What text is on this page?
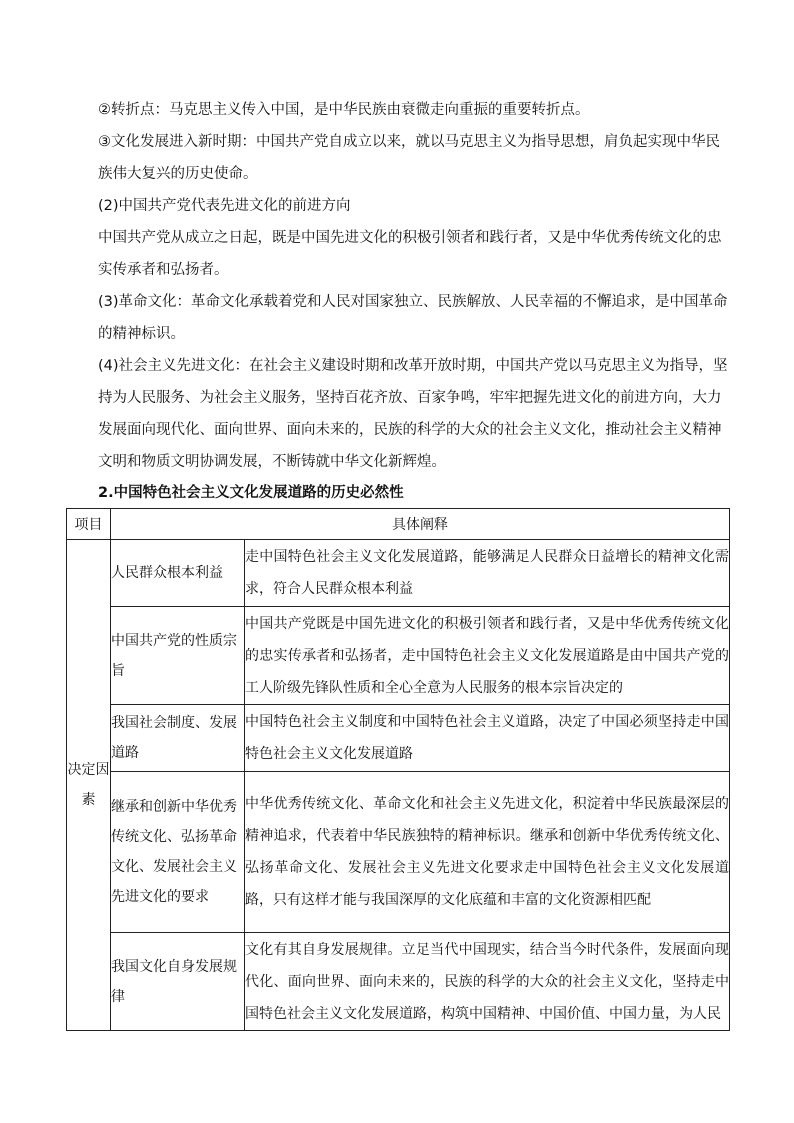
②转折点：马克思主义传入中国，是中华民族由衰微走向重振的重要转折点。

③文化发展进入新时期：中国共产党自成立以来，就以马克思主义为指导思想，肩负起实现中华民族伟大复兴的历史使命。

(2)中国共产党代表先进文化的前进方向

中国共产党从成立之日起，既是中国先进文化的积极引领者和践行者，又是中华优秀传统文化的忠实传承者和弘扬者。

(3)革命文化：革命文化承载着党和人民对国家独立、民族解放、人民幸福的不懈追求，是中国革命的精神标识。

(4)社会主义先进文化：在社会主义建设时期和改革开放时期，中国共产党以马克思主义为指导，坚持为人民服务、为社会主义服务，坚持百花齐放、百家争鸣，牢牢把握先进文化的前进方向，大力发展面向现代化、面向世界、面向未来的，民族的科学的大众的社会主义文化，推动社会主义精神文明和物质文明协调发展，不断铸就中华文化新辉煌。

2.中国特色社会主义文化发展道路的历史必然性

项目	具体阐释	
决定因素	人民群众根本利益	走中国特色社会主义文化发展道路，能够满足人民群众日益增长的精神文化需求，符合人民群众根本利益
	中国共产党的性质宗旨	中国共产党既是中国先进文化的积极引领者和践行者，又是中华优秀传统文化的忠实传承者和弘扬者，走中国特色社会主义文化发展道路是由中国共产党的工人阶级先锋队性质和全心全意为人民服务的根本宗旨决定的
	我国社会制度、发展道路	中国特色社会主义制度和中国特色社会主义道路，决定了中国必须坚持走中国特色社会主义文化发展道路
	继承和创新中华优秀传统文化、弘扬革命文化、发展社会主义先进文化的要求	中华优秀传统文化、革命文化和社会主义先进文化，积淀着中华民族最深层的精神追求，代表着中华民族独特的精神标识。继承和创新中华优秀传统文化、弘扬革命文化、发展社会主义先进文化要求走中国特色社会主义文化发展道路，只有这样才能与我国深厚的文化底蕴和丰富的文化资源相匹配
	我国文化自身发展规律	文化有其自身发展规律。立足当代中国现实，结合当今时代条件，发展面向现代化、面向世界、面向未来的，民族的科学的大众的社会主义文化，坚持走中国特色社会主义文化发展道路，构筑中国精神、中国价值、中国力量，为人民
